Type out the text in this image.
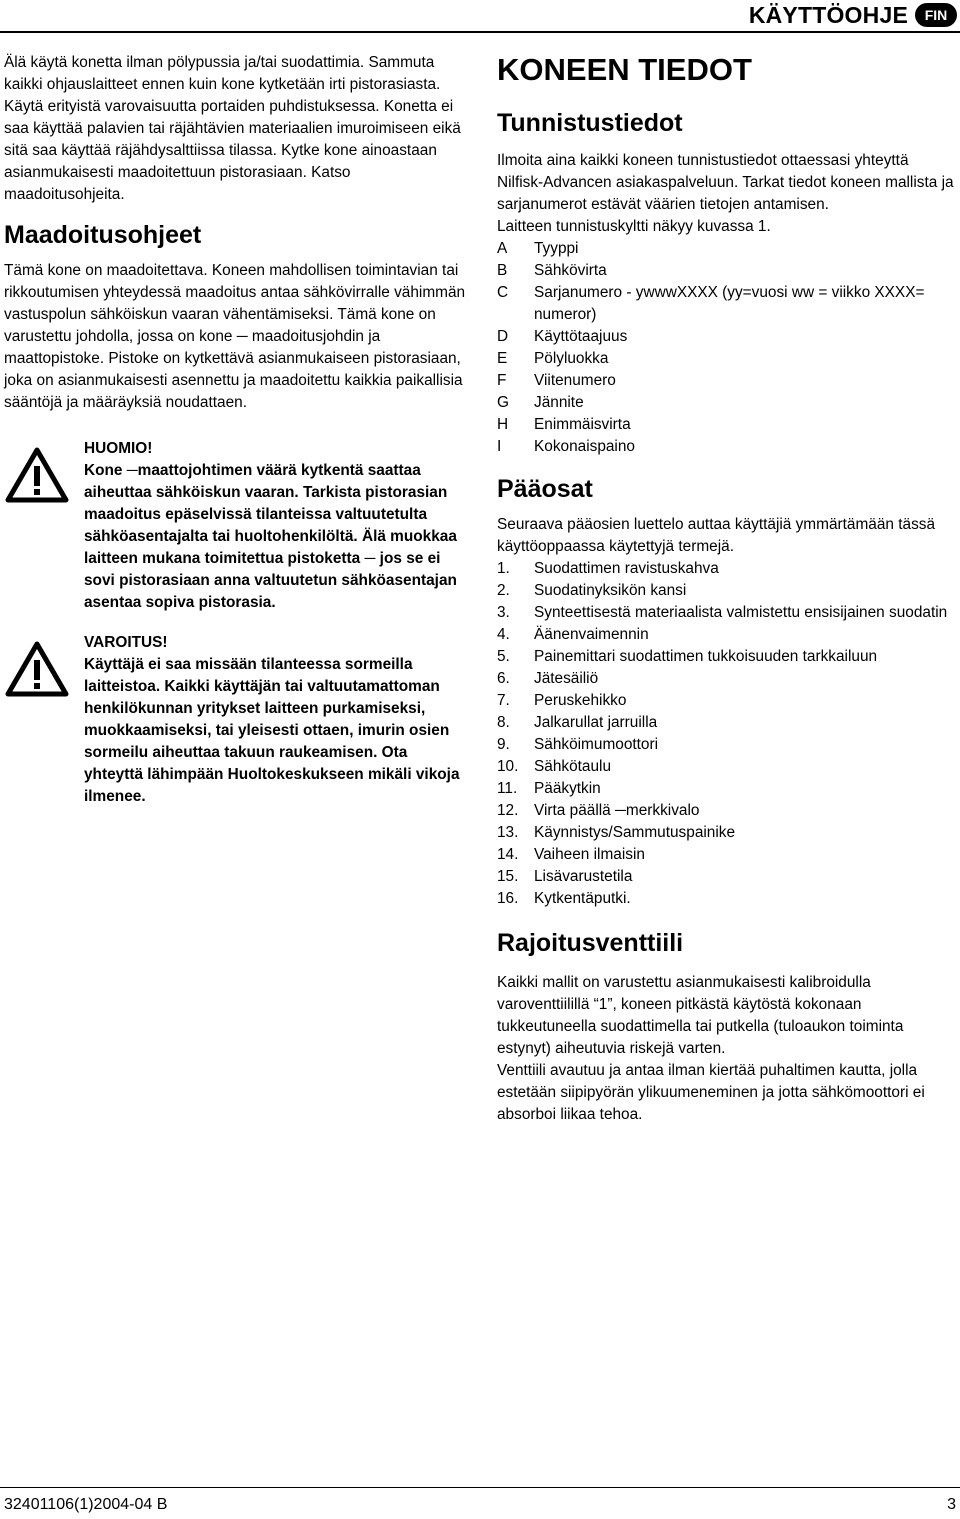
KÄYTTÖOHJE	FIN

Älä käytä konetta ilman pölypussia ja/tai suodattimia. Sammuta kaikki ohjauslaitteet ennen kuin kone kytketään irti pistorasiasta. Käytä erityistä varovaisuutta portaiden puhdistuksessa. Konetta ei saa käyttää palavien tai räjähtävien materiaalien imuroimiseen eikä sitä saa käyttää räjähdysalttiissa tilassa. Kytke kone ainoastaan asianmukaisesti maadoitettuun pistorasiaan. Katso maadoitusohjeita.

Maadoitusohjeet

Tämä kone on maadoitettava. Koneen mahdollisen toimintavian tai rikkoutumisen yhteydessä maadoitus antaa sähkövirralle vähimmän vastuspolun sähköiskun vaaran vähentämiseksi. Tämä kone on varustettu johdolla, jossa on kone ─ maadoitusjohdin ja maattopistoke. Pistoke on kytkettävä asianmukaiseen pistorasiaan, joka on asianmukaisesti asennettu ja maadoitettu kaikkia paikallisia sääntöjä ja määräyksiä noudattaen.

HUOMIO!

Kone ─maattojohtimen väärä kytkentä saattaa aiheuttaa sähköiskun vaaran. Tarkista pistorasian maadoitus epäselvissä tilanteissa valtuutetulta sähköasentajalta tai huoltohenkilöltä. Älä muokkaa laitteen mukana toimitettua pistoketta ─ jos se ei sovi pistorasiaan anna valtuutetun sähköasentajan asentaa sopiva pistorasia.

VAROITUS!

Käyttäjä ei saa missään tilanteessa sormeilla laitteistoa. Kaikki käyttäjän tai valtuutamattoman henkilökunnan yritykset laitteen purkamiseksi, muokkaamiseksi, tai yleisesti ottaen, imurin osien sormeilu aiheuttaa takuun raukeamisen. Ota yhteyttä lähimpään Huoltokeskukseen mikäli vikoja ilmenee.

KONEEN TIEDOT
Tunnistustiedot

Ilmoita aina kaikki koneen tunnistustiedot ottaessasi yhteyttä Nilfisk-Advancen asiakaspalveluun. Tarkat tiedot koneen mallista ja sarjanumerot estävät väärien tietojen antamisen.

Laitteen tunnistuskyltti näkyy kuvassa 1.

A Tyyppi
B Sähkövirta
C Sarjanumero - ywwwXXXX (yy=vuosi ww = viikko XXXX= numeror)
D Käyttötaajuus
E Pölyluokka
F Viitenumero
G Jännite
H Enimmäisvirta
I Kokonaispaino
Pääosat

Seuraava pääosien luettelo auttaa käyttäjiä ymmärtämään tässä käyttöoppaassa käytettyjä termejä.

1. Suodattimen ravistuskahva
2. Suodatinyksikön kansi
3. Synteettisestä materiaalista valmistettu ensisijainen suodatin
4. Äänenvaimennin
5. Painemittari suodattimen tukkoisuuden tarkkailuun
6. Jätesäiliö
7. Peruskehikko
8. Jalkarullat jarruilla
9. Sähköimumoottori
10. Sähkötaulu
11. Pääkytkin
12. Virta päällä ─merkkivalo
13. Käynnistys/Sammutuspainike
14. Vaiheen ilmaisin
15. Lisävarustetila
16. Kytkentäputki.
Rajoitusventtiili

Kaikki mallit on varustettu asianmukaisesti kalibroidulla varoventtiilillä “1”, koneen pitkästä käytöstä kokonaan tukkeutuneella suodattimella tai putkella (tuloaukon toiminta estynyt) aiheutuvia riskejä varten.

Venttiili avautuu ja antaa ilman kiertää puhaltimen kautta, jolla estetään siipipyörän ylikuumeneminen ja jotta sähkömoottori ei absorboi liikaa tehoa.

32401106(1)2004-04 B	3
